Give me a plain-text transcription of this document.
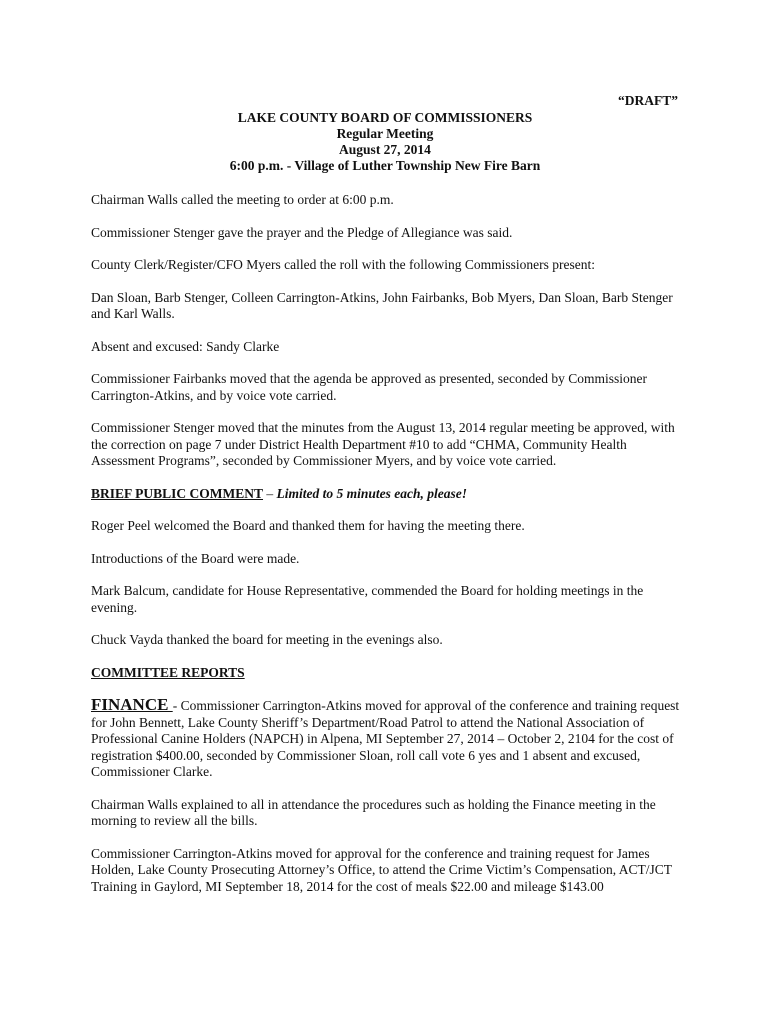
“DRAFT”
LAKE COUNTY BOARD OF COMMISSIONERS
Regular Meeting
August 27, 2014
6:00 p.m. - Village of Luther Township New Fire Barn

Chairman Walls called the meeting to order at 6:00 p.m.

Commissioner Stenger gave the prayer and the Pledge of Allegiance was said.

County Clerk/Register/CFO Myers called the roll with the following Commissioners present:

Dan Sloan, Barb Stenger, Colleen Carrington-Atkins, John Fairbanks, Bob Myers, Dan Sloan, Barb Stenger and Karl Walls.

Absent and excused: Sandy Clarke

Commissioner Fairbanks moved that the agenda be approved as presented, seconded by Commissioner Carrington-Atkins, and by voice vote carried.

Commissioner Stenger moved that the minutes from the August 13, 2014 regular meeting be approved, with the correction on page 7 under District Health Department #10 to add “CHMA, Community Health Assessment Programs”, seconded by Commissioner Myers, and by voice vote carried.

BRIEF PUBLIC COMMENT – Limited to 5 minutes each, please!

Roger Peel welcomed the Board and thanked them for having the meeting there.

Introductions of the Board were made.

Mark Balcum, candidate for House Representative, commended the Board for holding meetings in the evening.

Chuck Vayda thanked the board for meeting in the evenings also.

COMMITTEE REPORTS

FINANCE - Commissioner Carrington-Atkins moved for approval of the conference and training request for John Bennett, Lake County Sheriff’s Department/Road Patrol to attend the National Association of Professional Canine Holders (NAPCH) in Alpena, MI September 27, 2014 – October 2, 2104 for the cost of registration $400.00, seconded by Commissioner Sloan, roll call vote 6 yes and 1 absent and excused, Commissioner Clarke.

Chairman Walls explained to all in attendance the procedures such as holding the Finance meeting in the morning to review all the bills.

Commissioner Carrington-Atkins moved for approval for the conference and training request for James Holden, Lake County Prosecuting Attorney’s Office, to attend the Crime Victim’s Compensation, ACT/JCT Training in Gaylord, MI September 18, 2014 for the cost of meals $22.00 and mileage $143.00
